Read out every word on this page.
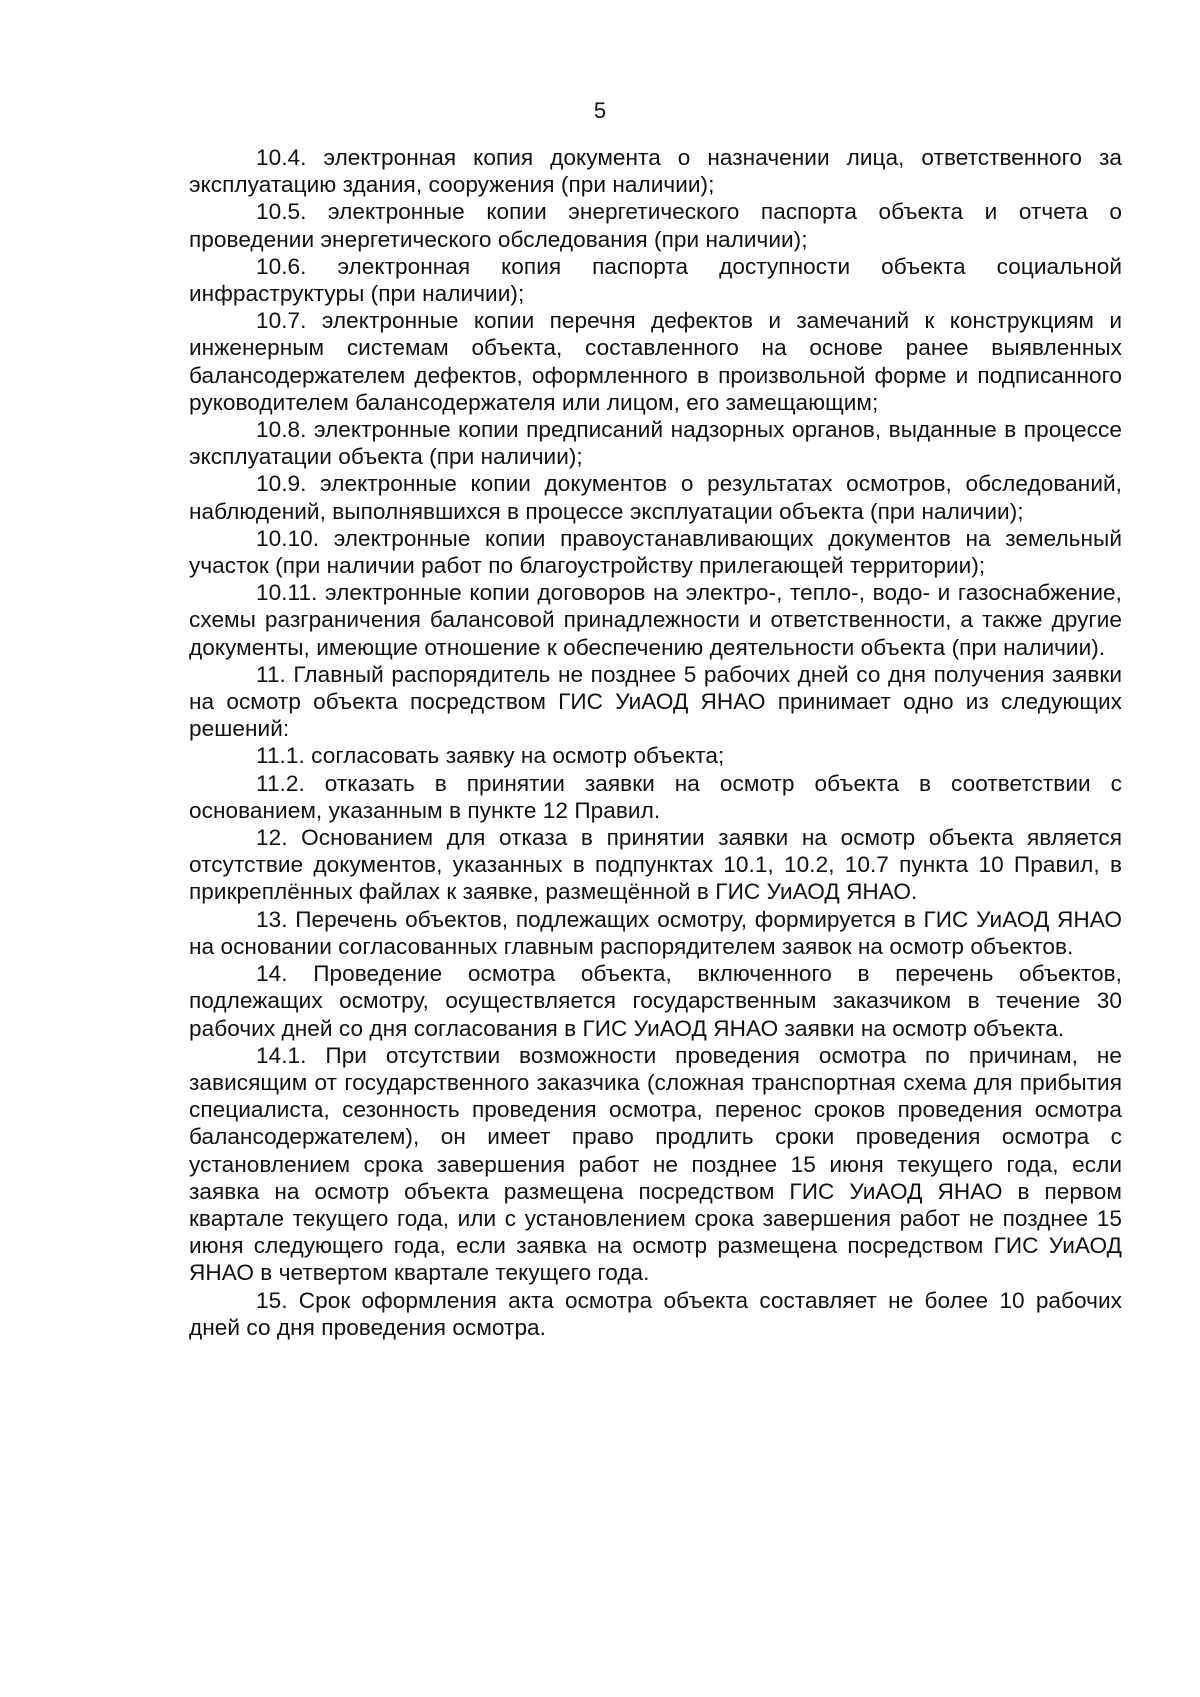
5

10.4. электронная копия документа о назначении лица, ответственного за эксплуатацию здания, сооружения (при наличии);

10.5. электронные копии энергетического паспорта объекта и отчета о проведении энергетического обследования (при наличии);

10.6. электронная копия паспорта доступности объекта социальной инфраструктуры (при наличии);

10.7. электронные копии перечня дефектов и замечаний к конструкциям и инженерным системам объекта, составленного на основе ранее выявленных балансодержателем дефектов, оформленного в произвольной форме и подписанного руководителем балансодержателя или лицом, его замещающим;

10.8. электронные копии предписаний надзорных органов, выданные в процессе эксплуатации объекта (при наличии);

10.9. электронные копии документов о результатах осмотров, обследований, наблюдений, выполнявшихся в процессе эксплуатации объекта (при наличии);

10.10. электронные копии правоустанавливающих документов на земельный участок (при наличии работ по благоустройству прилегающей территории);

10.11. электронные копии договоров на электро-, тепло-, водо- и газоснабжение, схемы разграничения балансовой принадлежности и ответственности, а также другие документы, имеющие отношение к обеспечению деятельности объекта (при наличии).

11. Главный распорядитель не позднее 5 рабочих дней со дня получения заявки на осмотр объекта посредством ГИС УиАОД ЯНАО принимает одно из следующих решений:

11.1. согласовать заявку на осмотр объекта;

11.2. отказать в принятии заявки на осмотр объекта в соответствии с основанием, указанным в пункте 12 Правил.

12. Основанием для отказа в принятии заявки на осмотр объекта является отсутствие документов, указанных в подпунктах 10.1, 10.2, 10.7 пункта 10 Правил, в прикреплённых файлах к заявке, размещённой в ГИС УиАОД ЯНАО.

13. Перечень объектов, подлежащих осмотру, формируется в ГИС УиАОД ЯНАО на основании согласованных главным распорядителем заявок на осмотр объектов.

14. Проведение осмотра объекта, включенного в перечень объектов, подлежащих осмотру, осуществляется государственным заказчиком в течение 30 рабочих дней со дня согласования в ГИС УиАОД ЯНАО заявки на осмотр объекта.

14.1. При отсутствии возможности проведения осмотра по причинам, не зависящим от государственного заказчика (сложная транспортная схема для прибытия специалиста, сезонность проведения осмотра, перенос сроков проведения осмотра балансодержателем), он имеет право продлить сроки проведения осмотра с установлением срока завершения работ не позднее 15 июня текущего года, если заявка на осмотр объекта размещена посредством ГИС УиАОД ЯНАО в первом квартале текущего года, или с установлением срока завершения работ не позднее 15 июня следующего года, если заявка на осмотр размещена посредством ГИС УиАОД ЯНАО в четвертом квартале текущего года.

15. Срок оформления акта осмотра объекта составляет не более 10 рабочих дней со дня проведения осмотра.
